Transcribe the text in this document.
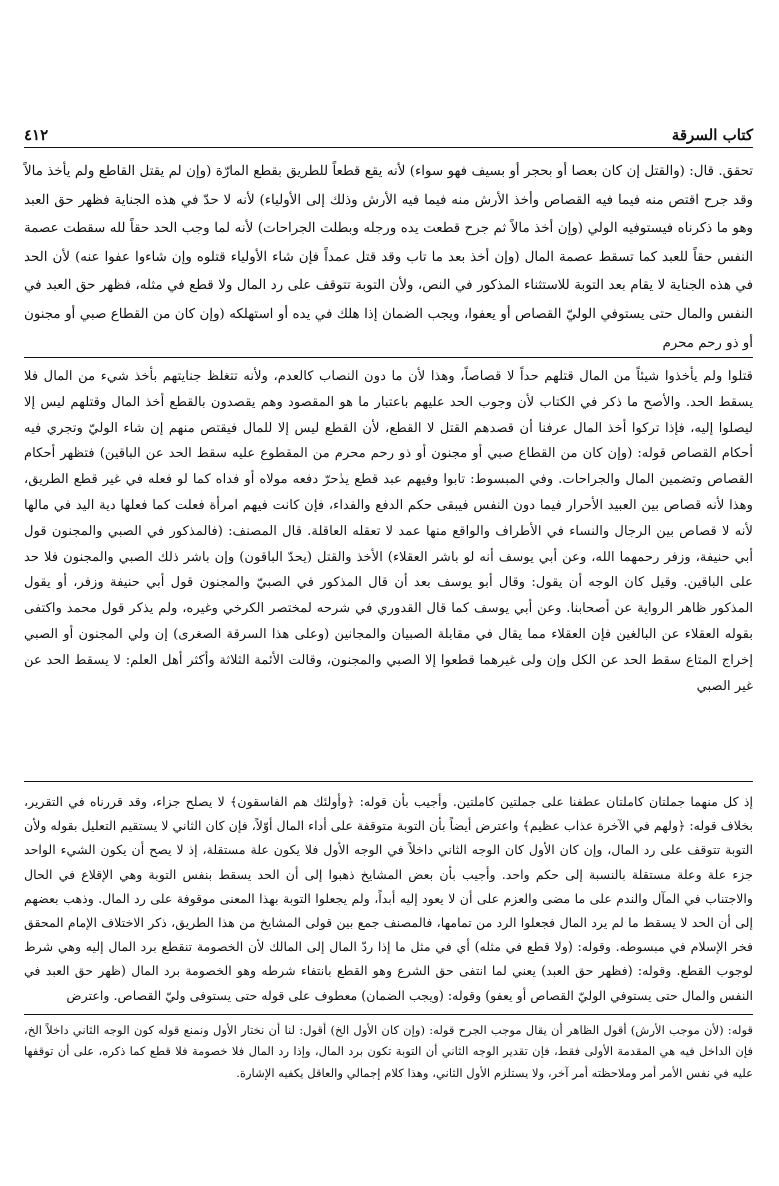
٤١٢	كتاب السرقة

تحقق. قال: (والقتل إن كان بعصا أو بحجر أو بسيف فهو سواء) لأنه يقع قطعاً للطريق بقطع المارّة (وإن لم يقتل القاطع ولم يأخذ مالاً وقد جرح اقتص منه فيما فيه القصاص وأخذ الأرش منه فيما فيه الأرش وذلك إلى الأولياء) لأنه لا حدّ في هذه الجناية فظهر حق العبد وهو ما ذكرناه فيستوفيه الولي (وإن أخذ مالاً ثم جرح قطعت يده ورجله وبطلت الجراحات) لأنه لما وجب الحد حقاً لله سقطت عصمة النفس حقاً للعبد كما تسقط عصمة المال (وإن أخذ بعد ما تاب وقد قتل عمداً فإن شاء الأولياء قتلوه وإن شاءوا عفوا عنه) لأن الحد في هذه الجناية لا يقام بعد التوبة للاستثناء المذكور في النص، ولأن التوبة تتوقف على رد المال ولا قطع في مثله، فظهر حق العبد في النفس والمال حتى يستوفي الوليّ القصاص أو يعفوا، ويجب الضمان إذا هلك في يده أو استهلكه (وإن كان من القطاع صبي أو مجنون أو ذو رحم محرم

قتلوا ولم يأخذوا شيئاً من المال قتلهم حداً لا قصاصاً، وهذا لأن ما دون النصاب كالعدم، ولأنه تتغلظ جنايتهم بأخذ شيء من المال فلا يسقط الحد. والأصح ما ذكر في الكتاب لأن وجوب الحد عليهم باعتبار ما هو المقصود وهم يقصدون بالقطع أخذ المال وقتلهم ليس إلا ليصلوا إليه، فإذا تركوا أخذ المال عرفنا أن قصدهم القتل لا القطع، لأن القطع ليس إلا للمال فيقتص منهم إن شاء الوليّ وتجري فيه أحكام القصاص قوله: (وإن كان من القطاع صبي أو مجنون أو ذو رحم محرم من المقطوع عليه سقط الحد عن الباقين) فتظهر أحكام القصاص وتضمين المال والجراحات. وفي المبسوط: تابوا وفيهم عبد قطع يدٰحرّ دفعه مولاه أو فداه كما لو فعله في غير قطع الطريق، وهذا لأنه قصاص بين العبيد الأحرار فيما دون النفس فيبقى حكم الدفع والفداء، فإن كانت فيهم امرأة فعلت كما فعلها دية اليد في مالها لأنه لا قصاص بين الرجال والنساء في الأطراف والواقع منها عمد لا تعقله العاقلة. قال المصنف: (فالمذكور في الصبي والمجنون قول أبي حنيفة، وزفر رحمهما الله، وعن أبي يوسف أنه لو باشر العقلاء) الأخذ والقتل (يحدّ الباقون) وإن باشر ذلك الصبي والمجنون فلا حد على الباقين. وقيل كان الوجه أن يقول: وقال أبو يوسف بعد أن قال المذكور في الصبيّ والمجنون قول أبي حنيفة وزفر، أو يقول المذكور ظاهر الرواية عن أصحابنا. وعن أبي يوسف كما قال القدوري في شرحه لمختصر الكرخي وغيره، ولم يذكر قول محمد واكتفى بقوله العقلاء عن البالغين فإن العقلاء مما يقال في مقابلة الصبيان والمجانين (وعلى هذا السرقة الصغرى) إن ولي المجنون أو الصبي إخراج المتاع سقط الحد عن الكل وإن ولى غيرهما قطعوا إلا الصبي والمجنون، وقالت الأئمة الثلاثة وأكثر أهل العلم: لا يسقط الحد عن غير الصبي

إذ كل منهما جملتان كاملتان عطفنا على جملتين كاملتين. وأجيب بأن قوله: ﴿وأولئك هم الفاسقون﴾ لا يصلح جزاء، وقد قررناه في التقرير، بخلاف قوله: ﴿ولهم في الآخرة عذاب عظيم﴾ واعترض أيضاً بأن التوبة متوقفة على أداء المال أوّلاً، فإن كان الثاني لا يستقيم التعليل بقوله ولأن التوبة تتوقف على رد المال، وإن كان الأول كان الوجه الثاني داخلاً في الوجه الأول فلا يكون علة مستقلة، إذ لا يصح أن يكون الشيء الواحد جزء علة وعلة مستقلة بالنسبة إلى حكم واحد. وأجيب بأن بعض المشايخ ذهبوا إلى أن الحد يسقط بنفس التوبة وهي الإقلاع في الحال والاجتناب في المآل والندم على ما مضى والعزم على أن لا يعود إليه أبداً، ولم يجعلوا التوبة بهذا المعنى موقوفة على رد المال. وذهب بعضهم إلى أن الحد لا يسقط ما لم يرد المال فجعلوا الرد من تمامها، فالمصنف جمع بين قولى المشايخ من هذا الطريق، ذكر الاختلاف الإمام المحقق فخر الإسلام في مبسوطه. وقوله: (ولا قطع في مثله) أي في مثل ما إذا ردّ المال إلى المالك لأن الخصومة تنقطع برد المال إليه وهي شرط لوجوب القطع. وقوله: (فظهر حق العبد) يعني لما انتفى حق الشرع وهو القطع بانتفاء شرطه وهو الخصومة برد المال (ظهر حق العبد في النفس والمال حتى يستوفي الوليّ القصاص أو يعفو) وقوله: (ويجب الضمان) معطوف على قوله حتى يستوفى وليّ القصاص. واعترض

قوله: (لأن موجب الأرش) أقول الظاهر أن يقال موجب الجرح قوله: (وإن كان الأول الخ) أقول: لنا أن نختار الأول ونمنع قوله كون الوجه الثاني داخلاً الخ، فإن الداخل فيه هي المقدمة الأولى فقط، فإن تقدير الوجه الثاني أن التوبة تكون برد المال، وإذا رد المال فلا خصومة فلا قطع كما ذكره، على أن توقفها عليه في نفس الأمر أمر وملاحظته أمر آخر، ولا يستلزم الأول الثاني، وهذا كلام إجمالي والعاقل يكفيه الإشارة.
